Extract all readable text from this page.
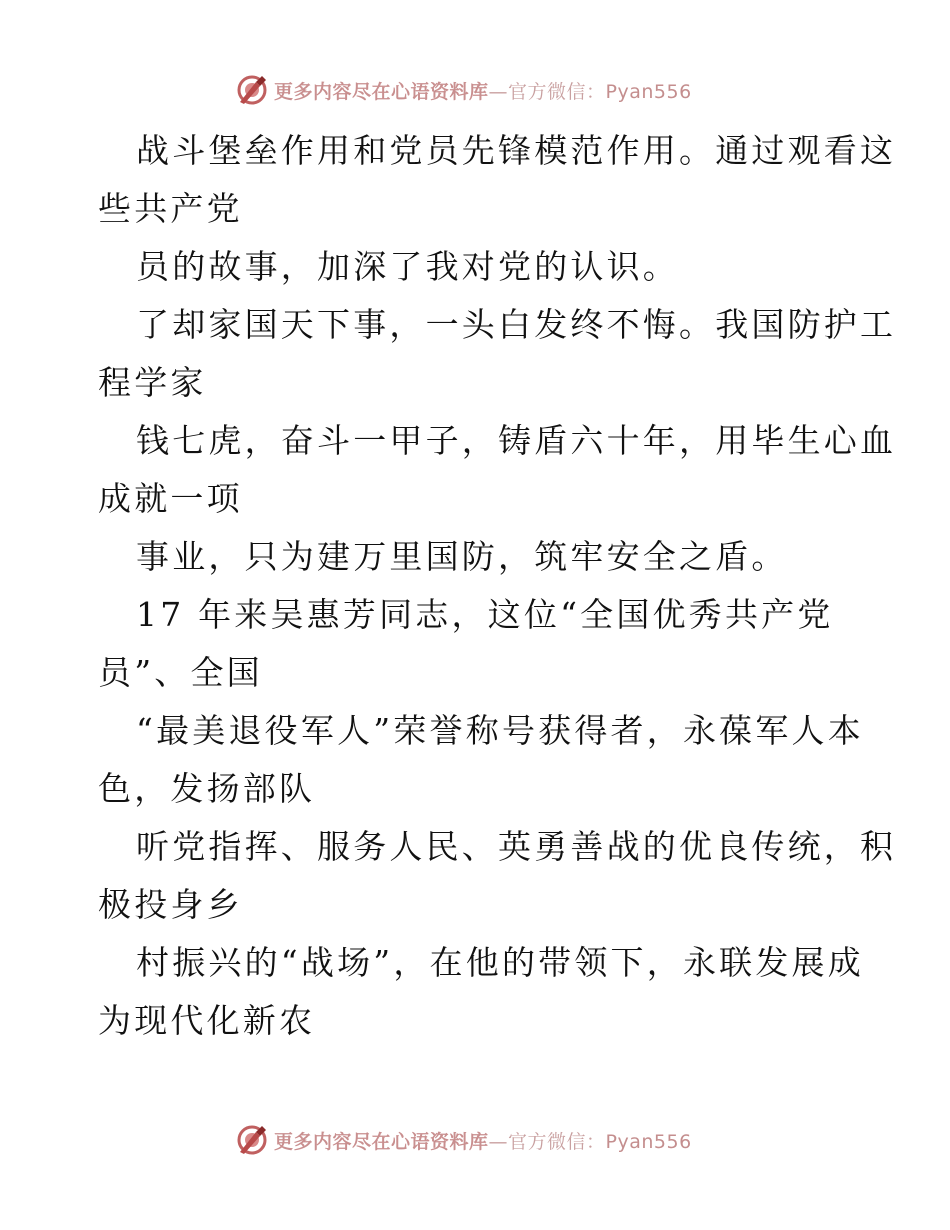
更多内容尽在心语资料库—官方微信：Pyan556

战斗堡垒作用和党员先锋模范作用。通过观看这
些共产党

员的故事，加深了我对党的认识。

了却家国天下事，一头白发终不悔。我国防护工
程学家

钱七虎，奋斗一甲子，铸盾六十年，用毕生心血
成就一项

事业，只为建万里国防，筑牢安全之盾。

17 年来吴惠芳同志，这位“全国优秀共产党
员”、全国

“最美退役军人”荣誉称号获得者，永葆军人本
色，发扬部队

听党指挥、服务人民、英勇善战的优良传统，积
极投身乡

村振兴的“战场”，在他的带领下，永联发展成
为现代化新农

更多内容尽在心语资料库—官方微信：Pyan556
